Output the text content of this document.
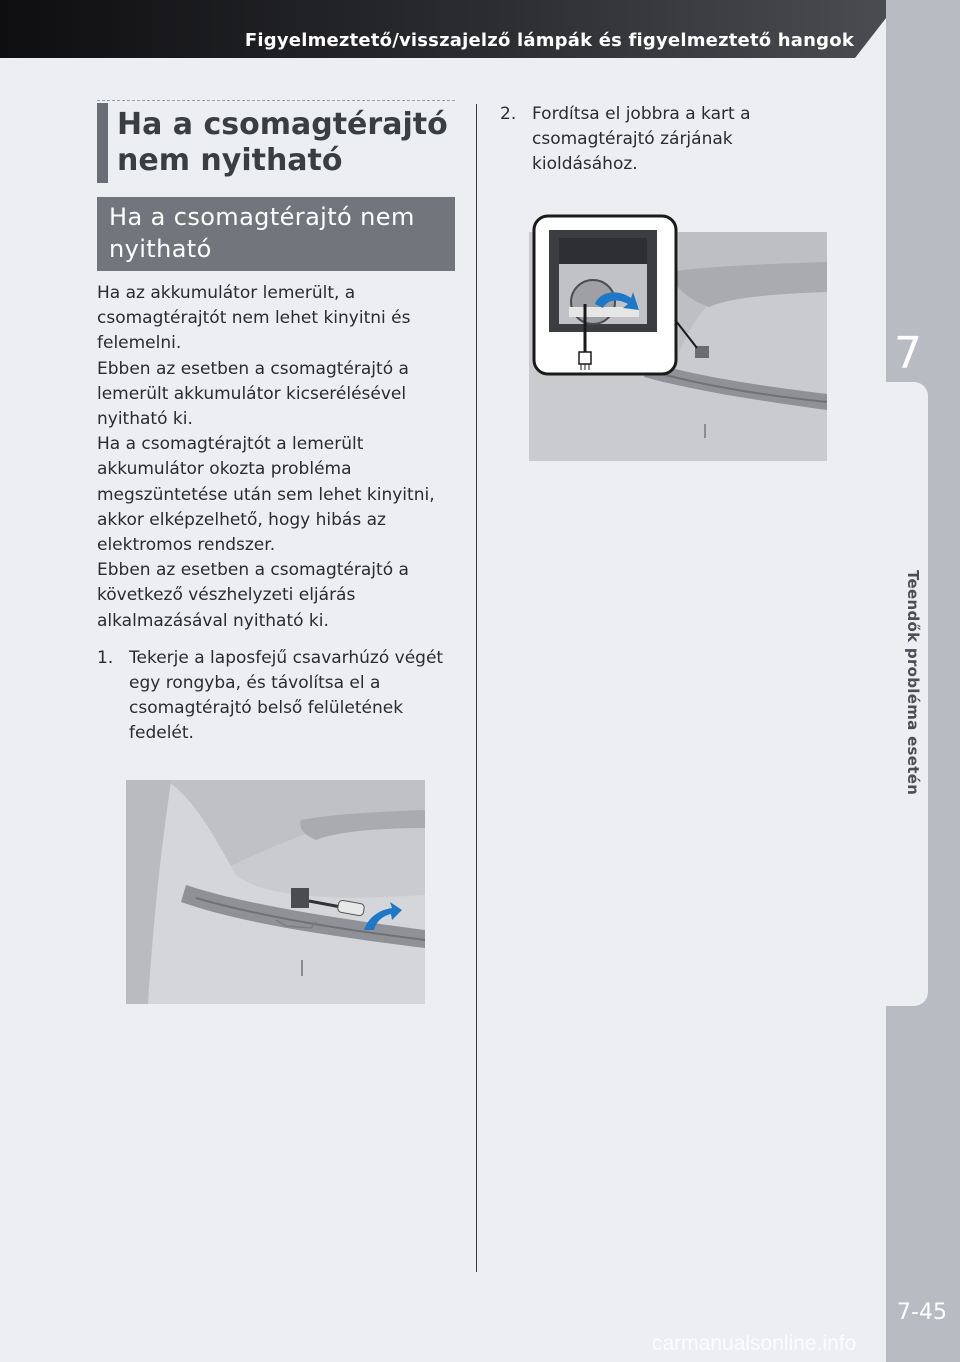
Figyelmeztető/visszajelző lámpák és figyelmeztető hangok
7
Teendők probléma esetén
7-45
carmanualsonline.info
Ha a csomagtérajtó nem nyitható
Ha a csomagtérajtó nem nyitható

Ha az akkumulátor lemerült, a csomagtérajtót nem lehet kinyitni és felemelni.

Ebben az esetben a csomagtérajtó a lemerült akkumulátor kicserélésével nyitható ki.

Ha a csomagtérajtót a lemerült akkumulátor okozta probléma megszüntetése után sem lehet kinyitni, akkor elképzelhető, hogy hibás az elektromos rendszer.

Ebben az esetben a csomagtérajtó a következő vészhelyzeti eljárás alkalmazásával nyitható ki.

1. Tekerje a laposfejű csavarhúzó végét egy rongyba, és távolítsa el a csomagtérajtó belső felületének fedelét.
2. Fordítsa el jobbra a kart a csomagtérajtó zárjának kioldásához.
